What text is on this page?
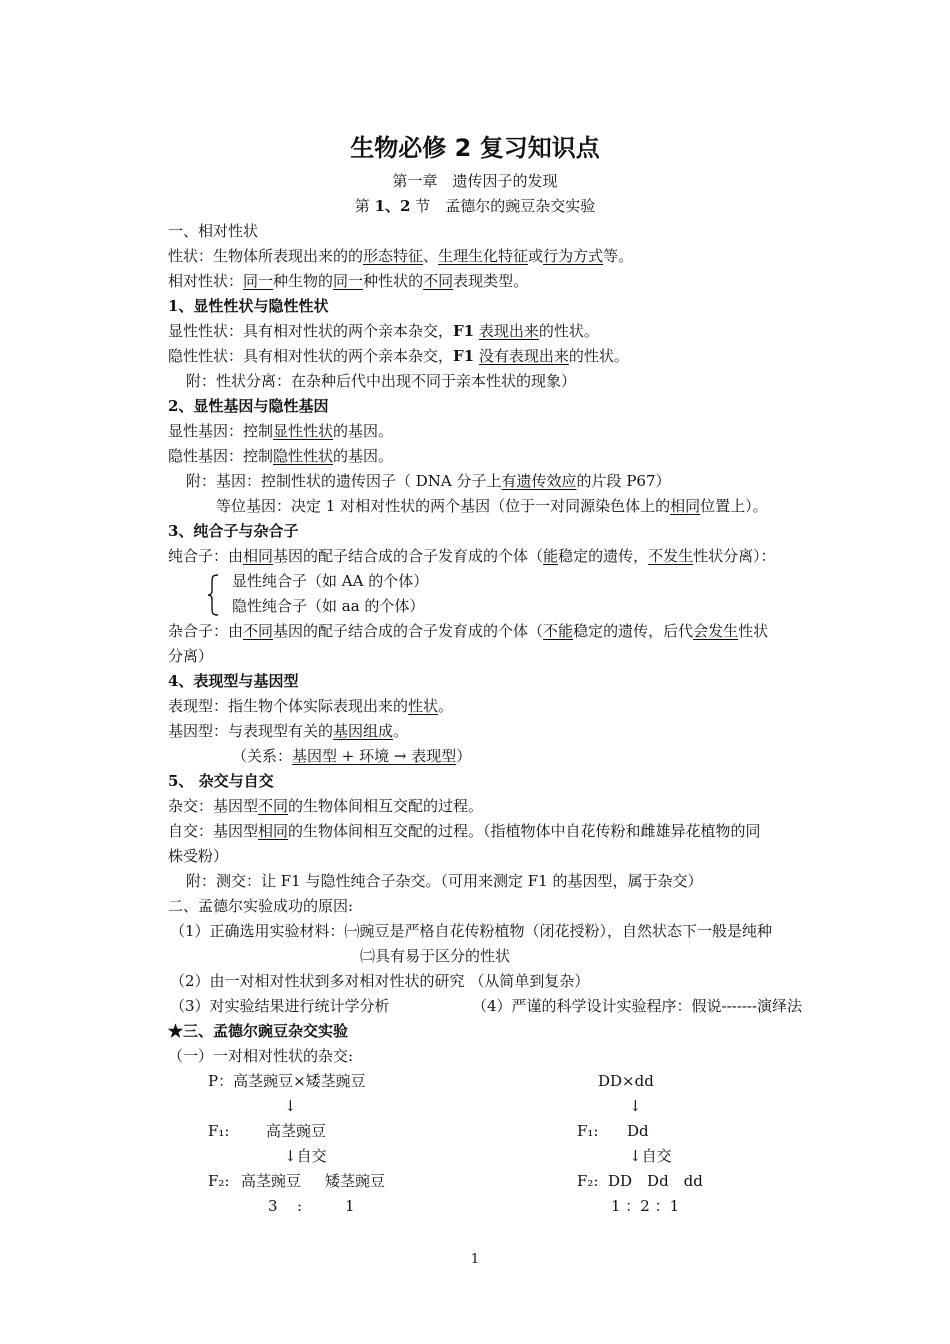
生物必修 2 复习知识点
第一章　遗传因子的发现
第 1、2 节　孟德尔的豌豆杂交实验
一、相对性状
性状：生物体所表现出来的的形态特征、生理生化特征或行为方式等。
相对性状：同一种生物的同一种性状的不同表现类型。
1、显性性状与隐性性状
显性性状：具有相对性状的两个亲本杂交，F1 表现出来的性状。
隐性性状：具有相对性状的两个亲本杂交，F1 没有表现出来的性状。
附：性状分离：在杂种后代中出现不同于亲本性状的现象）
2、显性基因与隐性基因
显性基因：控制显性性状的基因。
隐性基因：控制隐性性状的基因。
附：基因：控制性状的遗传因子（ DNA 分子上有遗传效应的片段 P67）
等位基因：决定 1 对相对性状的两个基因（位于一对同源染色体上的相同位置上）。
3、纯合子与杂合子
纯合子：由相同基因的配子结合成的合子发育成的个体（能稳定的遗传，不发生性状分离）：
显性纯合子（如 AA 的个体）
隐性纯合子（如 aa 的个体）
杂合子：由不同基因的配子结合成的合子发育成的个体（不能稳定的遗传，后代会发生性状
分离）
4、表现型与基因型
表现型：指生物个体实际表现出来的性状。
基因型：与表现型有关的基因组成。
（关系：基因型 + 环境 → 表现型）
5、 杂交与自交
杂交：基因型不同的生物体间相互交配的过程。
自交：基因型相同的生物体间相互交配的过程。（指植物体中自花传粉和雌雄异花植物的同
株受粉）
附：测交：让 F1 与隐性纯合子杂交。（可用来测定 F1 的基因型，属于杂交）
二、孟德尔实验成功的原因:
（1）正确选用实验材料：㈠豌豆是严格自花传粉植物（闭花授粉），自然状态下一般是纯种
㈡具有易于区分的性状
（2）由一对相对性状到多对相对性状的研究 （从简单到复杂）
（3）对实验结果进行统计学分析	（4）严谨的科学设计实验程序：假说-------演绎法
★三、孟德尔豌豆杂交实验
（一）一对相对性状的杂交:
P：高茎豌豆×矮茎豌豆
↓
F₁: 高茎豌豆
↓自交
F₂: 高茎豌豆 矮茎豌豆
3 :	1
DD×dd
↓
F₁: Dd
↓自交
F₂: DD　Dd　dd
1 ：2 ：1
1
